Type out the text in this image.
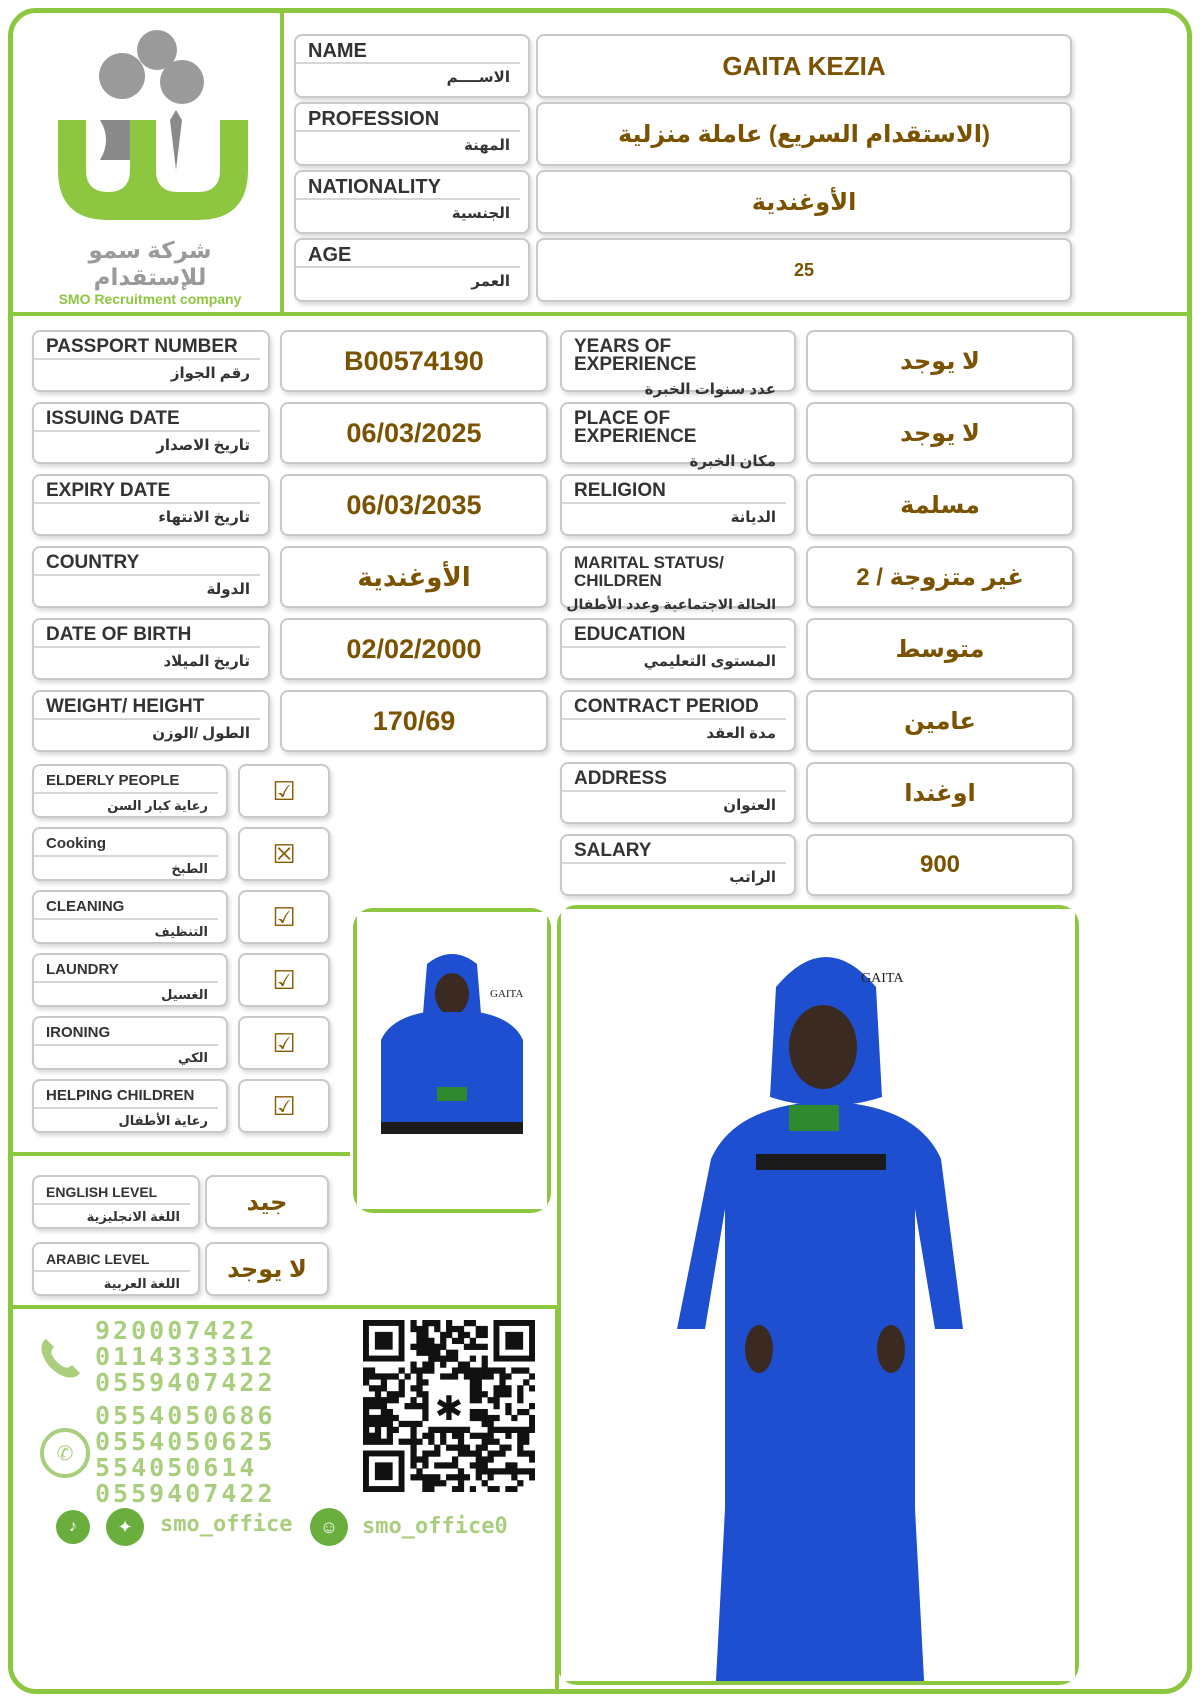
شركة سمو للإستقدام
SMO Recruitment company
NAME
الاســــم	GAITA KEZIA
PROFESSION
المهنة	(الاستقدام السريع) عاملة منزلية
NATIONALITY
الجنسية	الأوغندية
AGE
العمر
25
PASSPORT NUMBER
رقم الجواز	B00574190
ISSUING DATE
تاريخ الاصدار	06/03/2025
EXPIRY DATE
تاريخ الانتهاء	06/03/2035
COUNTRY
الدولة	الأوغندية
DATE OF BIRTH
تاريخ الميلاد	02/02/2000
WEIGHT/ HEIGHT
الطول /الوزن	170/69
YEARS OF EXPERIENCE
عدد سنوات الخبرة
لا يوجد
PLACE OF EXPERIENCE
مكان الخبرة
لا يوجد
RELIGION
الديانة	مسلمة
MARITAL STATUS/ CHILDREN
الحالة الاجتماعية وعدد الأطفال
غير متزوجة / 2
EDUCATION
المستوى التعليمي	متوسط
CONTRACT PERIOD
مدة العقد	عامين
ADDRESS
العنوان	اوغندا
SALARY
الراتب	900
ELDERLY PEOPLE
رعاية كبار السن	☑
Cooking
الطبخ	☒
CLEANING
التنظيف	☑
LAUNDRY
الغسيل	☑
IRONING
الكي	☑
HELPING CHILDREN
رعاية الأطفال	☑
ENGLISH LEVEL
اللغة الانجليزية
جيد
ARABIC LEVEL
اللغة العربية
لا يوجد
GAITA
GAITA
920007422
0114333312
0559407422
✆
0554050686
0554050625
554050614
0559407422
♪	✦	smo_office	☺	smo_office0
✱
